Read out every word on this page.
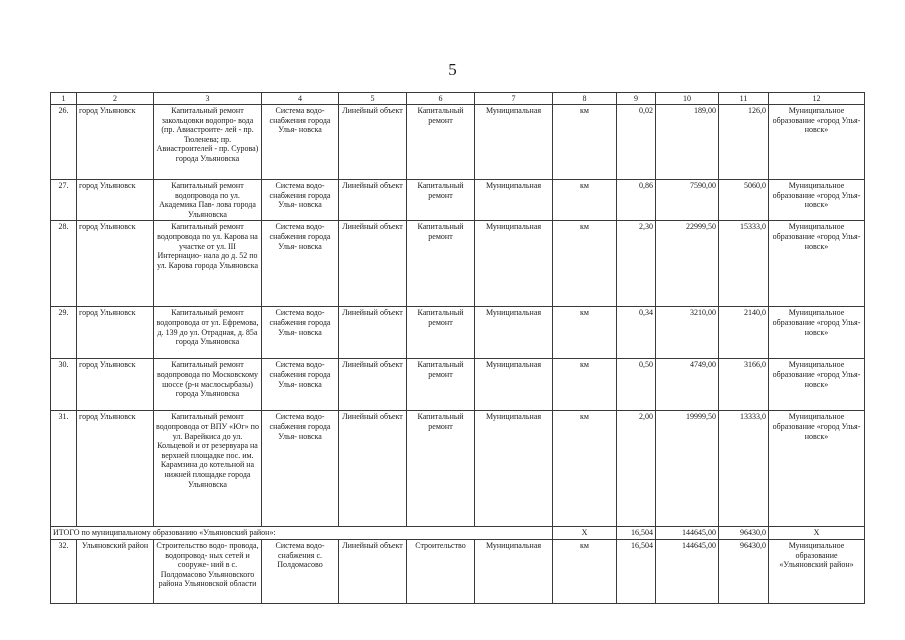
5
1	2	3	4	5	6	7	8	9	10	11	12
26.	город Ульяновск	Капитальный ремонт закольцовки водопро- вода (пр. Авиастроите- лей - пр. Тюленева; пр. Авиастроителей - пр. Сурова) города Ульяновска	Система водо- снабжения города Улья- новска	Линейный объект	Капитальный ремонт	Муниципальная	км	0,02	189,00	126,0	Муниципальное образование «город Улья- новск»
27.	город Ульяновск	Капитальный ремонт водопровода по ул. Академика Пав- лова города Ульяновска	Система водо- снабжения города Улья- новска	Линейный объект	Капитальный ремонт	Муниципальная	км	0,86	7590,00	5060,0	Муниципальное образование «город Улья- новск»
28.	город Ульяновск	Капитальный ремонт водопровода по ул. Карова на участке от ул. III Интернацио- нала до д. 52 по ул. Карова города Ульяновска	Система водо- снабжения города Улья- новска	Линейный объект	Капитальный ремонт	Муниципальная	км	2,30	22999,50	15333,0	Муниципальное образование «город Улья- новск»
29.	город Ульяновск	Капитальный ремонт водопровода от ул. Ефремова, д. 139 до ул. Отрадная, д. 85а города Ульяновска	Система водо- снабжения города Улья- новска	Линейный объект	Капитальный ремонт	Муниципальная	км	0,34	3210,00	2140,0	Муниципальное образование «город Улья- новск»
30.	город Ульяновск	Капитальный ремонт водопровода по Московскому шоссе (р-н маслосырбазы) города Ульяновска	Система водо- снабжения города Улья- новска	Линейный объект	Капитальный ремонт	Муниципальная	км	0,50	4749,00	3166,0	Муниципальное образование «город Улья- новск»
31.	город Ульяновск	Капитальный ремонт водопровода от ВПУ «Юг» по ул. Варейкиса до ул. Кольцевой и от резервуара на верхней площадке пос. им. Карамзина до котельной на нижней площадке города Ульяновска	Система водо- снабжения города Улья- новска	Линейный объект	Капитальный ремонт	Муниципальная	км	2,00	19999,50	13333,0	Муниципальное образование «город Улья- новск»
ИТОГО по муниципальному образованию «Ульяновский район»:							Х	16,504	144645,00	96430,0	Х
32.	Ульяновский район	Строительство водо- провода, водопровод- ных сетей и сооруже- ний в с. Полдомасово Ульяновского района Ульяновской области	Система водо- снабжения с. Полдомасово	Линейный объект	Строительство	Муниципальная	км	16,504	144645,00	96430,0	Муниципальное образование «Ульяновский район»
